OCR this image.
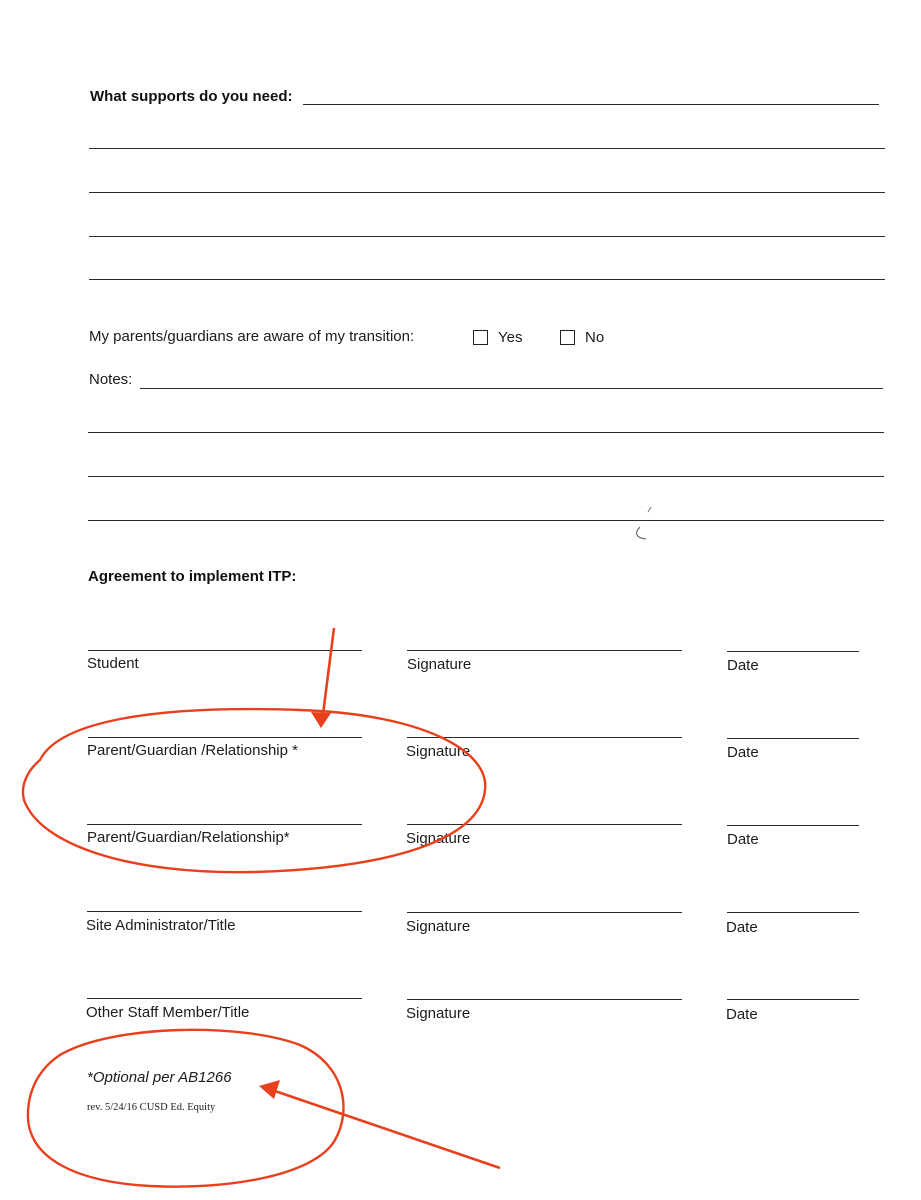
What supports do you need:
My parents/guardians are aware of my transition:	Yes	No
Notes:
Agreement to implement ITP:
Student	Signature	Date
Parent/Guardian /Relationship *	Signature	Date
Parent/Guardian/Relationship*	Signature	Date
Site Administrator/Title	Signature	Date
Other Staff Member/Title	Signature	Date
*Optional per AB1266
rev. 5/24/16 CUSD Ed. Equity
